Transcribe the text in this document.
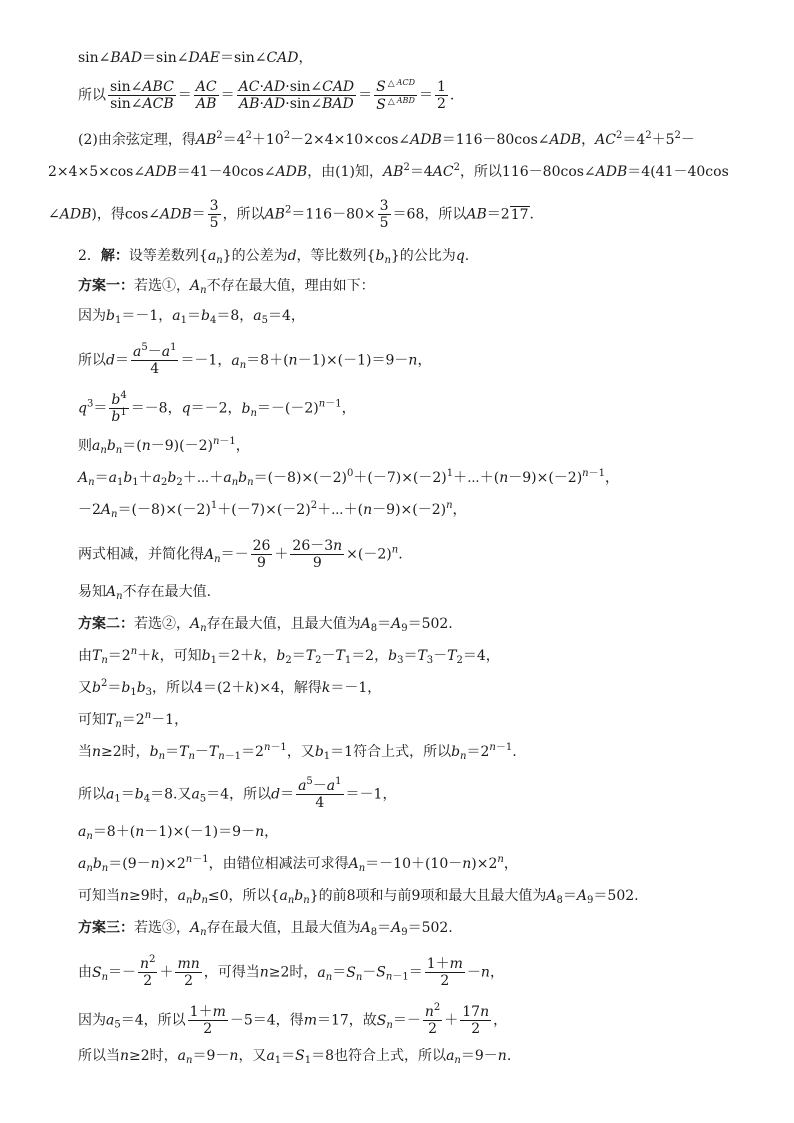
sin∠BAD＝sin∠DAE＝sin∠CAD，
所以 $\frac{\text{sin∠ABC}}{\text{sin∠ACB}} = \frac{AC}{AB} = \frac{\text{AC·AD·sin∠CAD}}{\text{AB·AD·sin∠BAD}} = \frac{S ^\triangle ^{ACD}}{S ^\triangle ^{ABD}} = \frac{1}{2}$ .
(2)由余弦定理，得$AB^2=4^2+10^2-2\times 4\times 10\times\cos\angle ADB=116-80\cos\angle ADB$，$AC^2=4^2+5^2-$
2×4×5×cos∠ADB＝41－40cos∠ADB，由(1)知，$AB^2=4AC^2$，所以116－80cos∠ADB＝4(41－40cos
∠ADB)，得cos∠ADB＝ $\frac{3}{5}$ ，所以$AB^2=116-80\times \frac{3}{5} =68$，所以AB＝217.
2．解：设等差数列$\{a_n\}$的公差为d，等比数列$\{b_n\}$的公比为q.
方案一：若选①，$A_n$不存在最大值，理由如下：
因为$b_1=-1$，$a_1=b_4=8$，$a_5=4$，
所以$d= \frac{a^5-a^1}{4} =-1$，$a_n=8+(n-1)\times(-1)=9-n$，
$q^3= \frac{b^4}{b^1} =-8$，q＝－2，$b_n=-(-2)^{n-1}$，
则$a_nb_n=(n-9)(-2)^{n-1}$，
$A_n=a_1b_1+a_2b_2+\cdots+a_nb_n=(-8)\times(-2)^0+(-7)\times(-2)^1+\cdots+(n-9)\times(-2)^{n-1}$，
$-2A_n=(-8)\times(-2)^1+(-7)\times(-2)^2+\cdots+(n-9)\times(-2)^n$，
两式相减，并简化得$A_n=- \frac{26}{9} + \frac{26-3n}{9} \times(-2)^n$.
易知$A_n$不存在最大值.
方案二：若选②，$A_n$存在最大值，且最大值为$A_8=A_9=502$.
由$T_n=2^n+k$，可知$b_1=2+k$，$b_2=T_2-T_1=2$，$b_3=T_3-T_2=4$，
又$b^2=b_1b_3$，所以4＝(2＋k)×4，解得k＝－1，
可知$T_n=2^n-1$，
当n≥2时，$b_n=T_n-T_{n-1}=2^{n-1}$，又$b_1=1$符合上式，所以$b_n=2^{n-1}$.
所以$a_1=b_4=8$.又$a_5=4$，所以$d= \frac{a^5-a^1}{4} =-1$，
$a_n=8+(n-1)\times(-1)=9-n$，
$a_nb_n=(9-n)\times 2^{n-1}$，由错位相减法可求得$A_n=-10+(10-n)\times 2^n$，
可知当n≥9时，$a_nb_n\le 0$，所以$\{a_nb_n\}$的前8项和与前9项和最大且最大值为$A_8=A_9=502$.
方案三：若选③，$A_n$存在最大值，且最大值为$A_8=A_9=502$.
由$S_n=- \frac{n^2}{2} + \frac{mn}{2}$ ，可得当n≥2时，$a_n=S_n-S_{n-1}= \frac{1+m}{2} -n$，
因为$a_5=4$，所以 $\frac{1+m}{2} -5=4$，得m＝17，故$S_n=- \frac{n^2}{2} + \frac{17n}{2}$ ，
所以当n≥2时，$a_n=9-n$，又$a_1=S_1=8$也符合上式，所以$a_n=9-n$.
